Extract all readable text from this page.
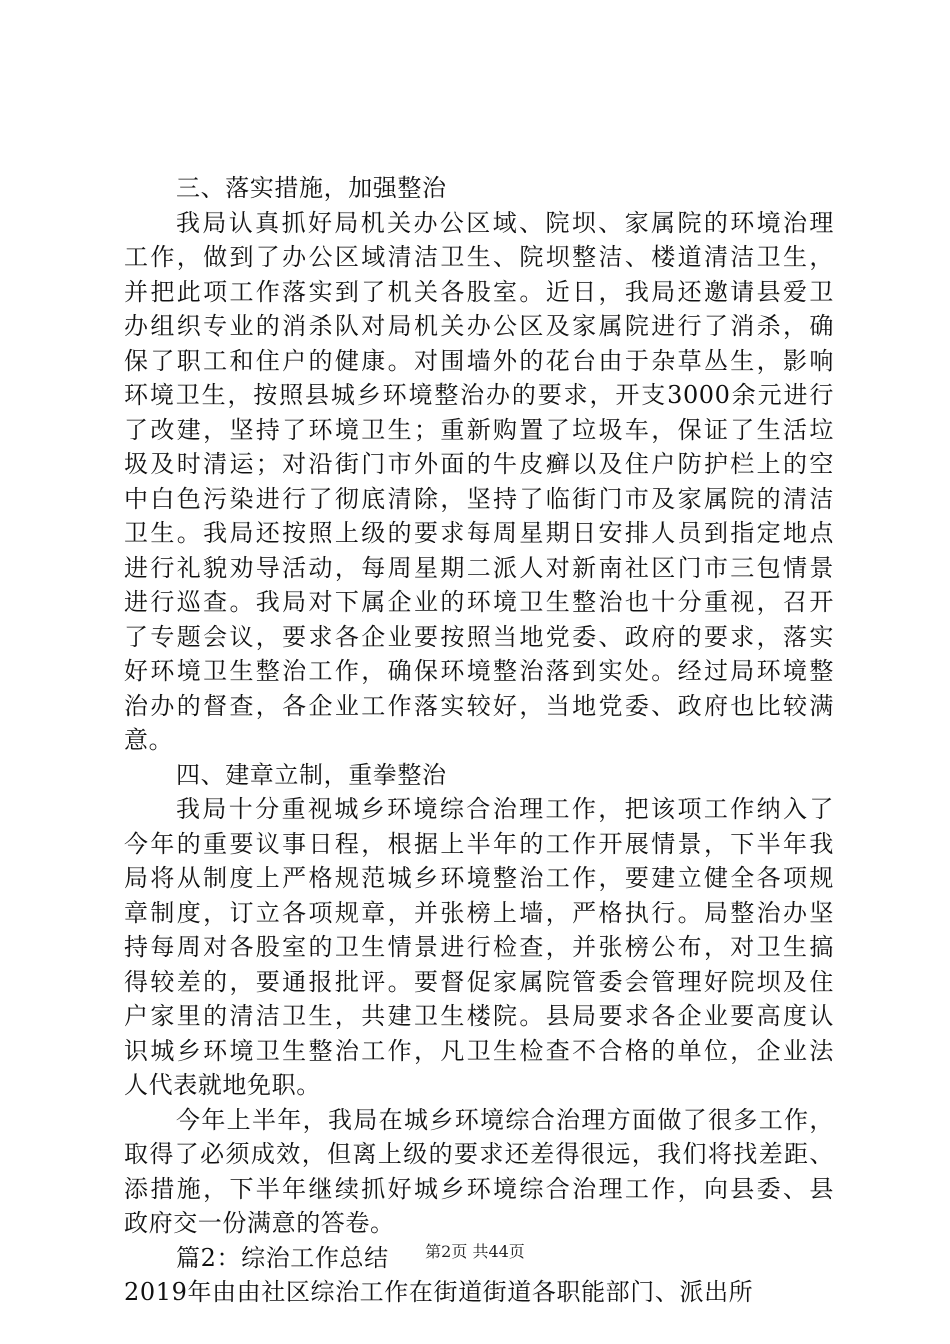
三、落实措施，加强整治
我局认真抓好局机关办公区域、院坝、家属院的环境治理
工作，做到了办公区域清洁卫生、院坝整洁、楼道清洁卫生，
并把此项工作落实到了机关各股室。近日，我局还邀请县爱卫
办组织专业的消杀队对局机关办公区及家属院进行了消杀，确
保了职工和住户的健康。对围墙外的花台由于杂草丛生，影响
环境卫生，按照县城乡环境整治办的要求，开支3000余元进行
了改建，坚持了环境卫生；重新购置了垃圾车，保证了生活垃
圾及时清运；对沿街门市外面的牛皮癣以及住户防护栏上的空
中白色污染进行了彻底清除，坚持了临街门市及家属院的清洁
卫生。我局还按照上级的要求每周星期日安排人员到指定地点
进行礼貌劝导活动，每周星期二派人对新南社区门市三包情景
进行巡查。我局对下属企业的环境卫生整治也十分重视，召开
了专题会议，要求各企业要按照当地党委、政府的要求，落实
好环境卫生整治工作，确保环境整治落到实处。经过局环境整
治办的督查，各企业工作落实较好，当地党委、政府也比较满
意。
四、建章立制，重拳整治
我局十分重视城乡环境综合治理工作，把该项工作纳入了
今年的重要议事日程，根据上半年的工作开展情景，下半年我
局将从制度上严格规范城乡环境整治工作，要建立健全各项规
章制度，订立各项规章，并张榜上墙，严格执行。局整治办坚
持每周对各股室的卫生情景进行检查，并张榜公布，对卫生搞
得较差的，要通报批评。要督促家属院管委会管理好院坝及住
户家里的清洁卫生，共建卫生楼院。县局要求各企业要高度认
识城乡环境卫生整治工作，凡卫生检查不合格的单位，企业法
人代表就地免职。
今年上半年，我局在城乡环境综合治理方面做了很多工作，
取得了必须成效，但离上级的要求还差得很远，我们将找差距、
添措施，下半年继续抓好城乡环境综合治理工作，向县委、县
政府交一份满意的答卷。
篇2：综治工作总结
2019年由由社区综治工作在街道街道各职能部门、派出所
第2页 共44页
